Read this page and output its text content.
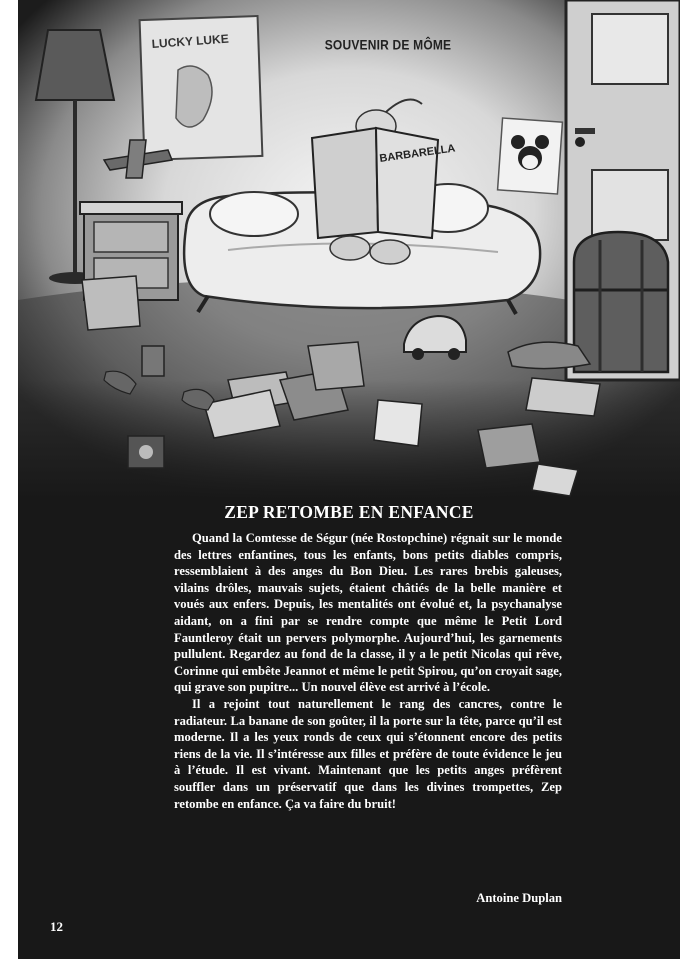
LUCKY LUKE
BARBARELLA
SOUVENIR DE MÔME
ZEP RETOMBE EN ENFANCE

Quand la Comtesse de Ségur (née Rostopchine) régnait sur le monde des lettres enfantines, tous les enfants, bons petits diables compris, ressemblaient à des anges du Bon Dieu. Les rares brebis galeuses, vilains drôles, mauvais sujets, étaient châtiés de la belle manière et voués aux enfers. Depuis, les mentalités ont évolué et, la psychanalyse aidant, on a fini par se rendre compte que même le Petit Lord Fauntleroy était un pervers polymorphe. Aujourd’hui, les garnements pullulent. Regardez au fond de la classe, il y a le petit Nicolas qui rêve, Corinne qui embête Jeannot et même le petit Spirou, qu’on croyait sage, qui grave son pupitre... Un nouvel élève est arrivé à l’école.

Il a rejoint tout naturellement le rang des cancres, contre le radiateur. La banane de son goûter, il la porte sur la tête, parce qu’il est moderne. Il a les yeux ronds de ceux qui s’étonnent encore des petits riens de la vie. Il s’intéresse aux filles et préfère de toute évidence le jeu à l’étude. Il est vivant. Maintenant que les petits anges préfèrent souffler dans un préservatif que dans les divines trompettes, Zep retombe en enfance. Ça va faire du bruit!

Antoine Duplan
12
